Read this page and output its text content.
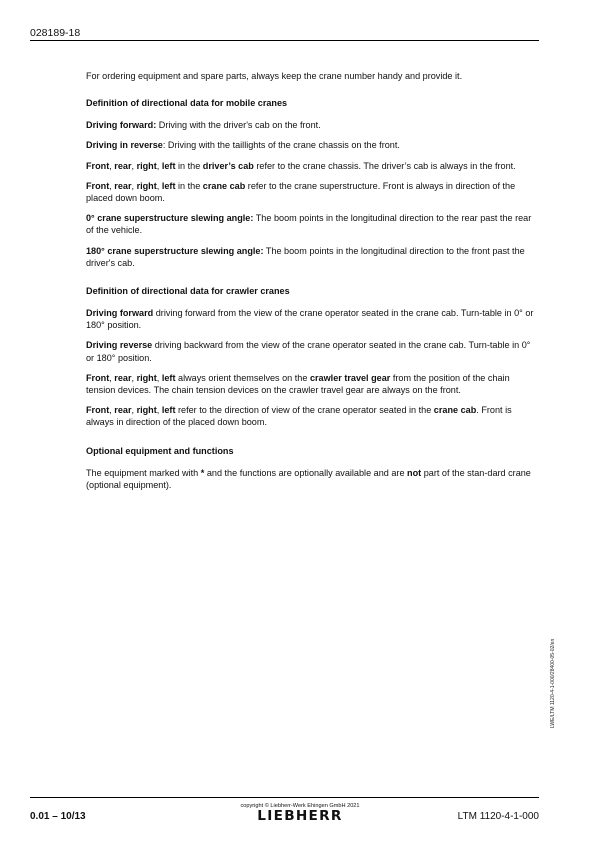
028189-18

For ordering equipment and spare parts, always keep the crane number handy and provide it.

Definition of directional data for mobile cranes

Driving forward: Driving with the driver's cab on the front.

Driving in reverse: Driving with the taillights of the crane chassis on the front.

Front, rear, right, left in the driver’s cab refer to the crane chassis. The driver’s cab is always in the front.

Front, rear, right, left in the crane cab refer to the crane superstructure. Front is always in direction of the placed down boom.

0° crane superstructure slewing angle: The boom points in the longitudinal direction to the rear past the rear of the vehicle.

180° crane superstructure slewing angle: The boom points in the longitudinal direction to the front past the driver's cab.

Definition of directional data for crawler cranes

Driving forward driving forward from the view of the crane operator seated in the crane cab. Turn-table in 0° or 180° position.

Driving reverse driving backward from the view of the crane operator seated in the crane cab. Turn-table in 0° or 180° position.

Front, rear, right, left always orient themselves on the crawler travel gear from the position of the chain tension devices. The chain tension devices on the crawler travel gear are always on the front.

Front, rear, right, left refer to the direction of view of the crane operator seated in the crane cab. Front is always in direction of the placed down boom.

Optional equipment and functions

The equipment marked with * and the functions are optionally available and are not part of the stan-dard crane (optional equipment).

LWE/LTM 1120-4-1-000/28400-05-02/en
0.01 – 10/13
copyright © Liebherr-Werk Ehingen GmbH 2021
LIEBHERR	LTM 1120-4-1-000
